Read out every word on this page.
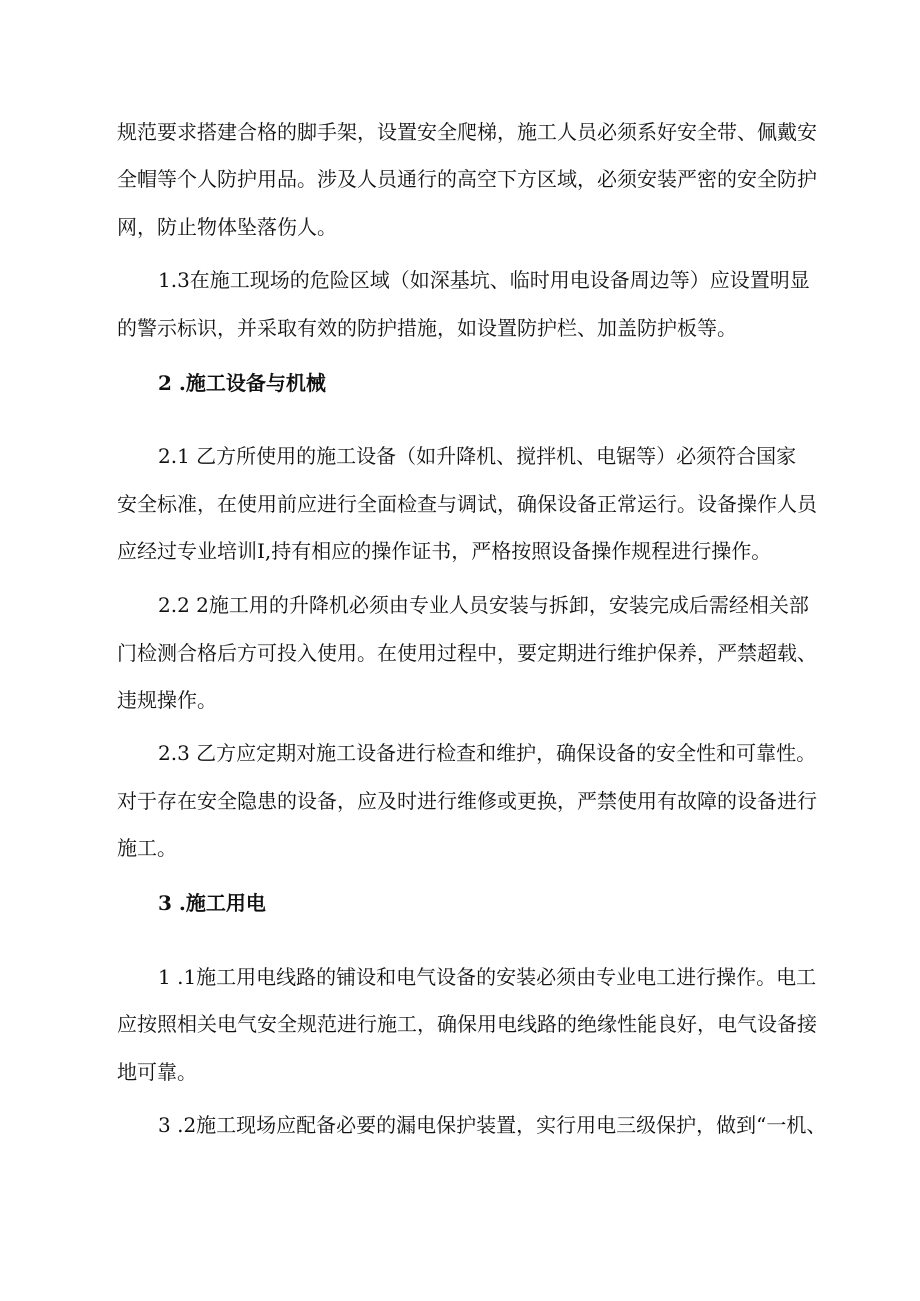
规范要求搭建合格的脚手架，设置安全爬梯，施工人员必须系好安全带、佩戴安
全帽等个人防护用品。涉及人员通行的高空下方区域，必须安装严密的安全防护
网，防止物体坠落伤人。
1.3在施工现场的危险区域（如深基坑、临时用电设备周边等）应设置明显
的警示标识，并采取有效的防护措施，如设置防护栏、加盖防护板等。
2 .施工设备与机械
2.1 乙方所使用的施工设备（如升降机、搅拌机、电锯等）必须符合国家
安全标准，在使用前应进行全面检查与调试，确保设备正常运行。设备操作人员
应经过专业培训I,持有相应的操作证书，严格按照设备操作规程进行操作。
2.2 2施工用的升降机必须由专业人员安装与拆卸，安装完成后需经相关部
门检测合格后方可投入使用。在使用过程中，要定期进行维护保养，严禁超载、
违规操作。
2.3 乙方应定期对施工设备进行检查和维护，确保设备的安全性和可靠性。
对于存在安全隐患的设备，应及时进行维修或更换，严禁使用有故障的设备进行
施工。
3 .施工用电
1 .1施工用电线路的铺设和电气设备的安装必须由专业电工进行操作。电工
应按照相关电气安全规范进行施工，确保用电线路的绝缘性能良好，电气设备接
地可靠。
3 .2施工现场应配备必要的漏电保护装置，实行用电三级保护，做到“一机、
